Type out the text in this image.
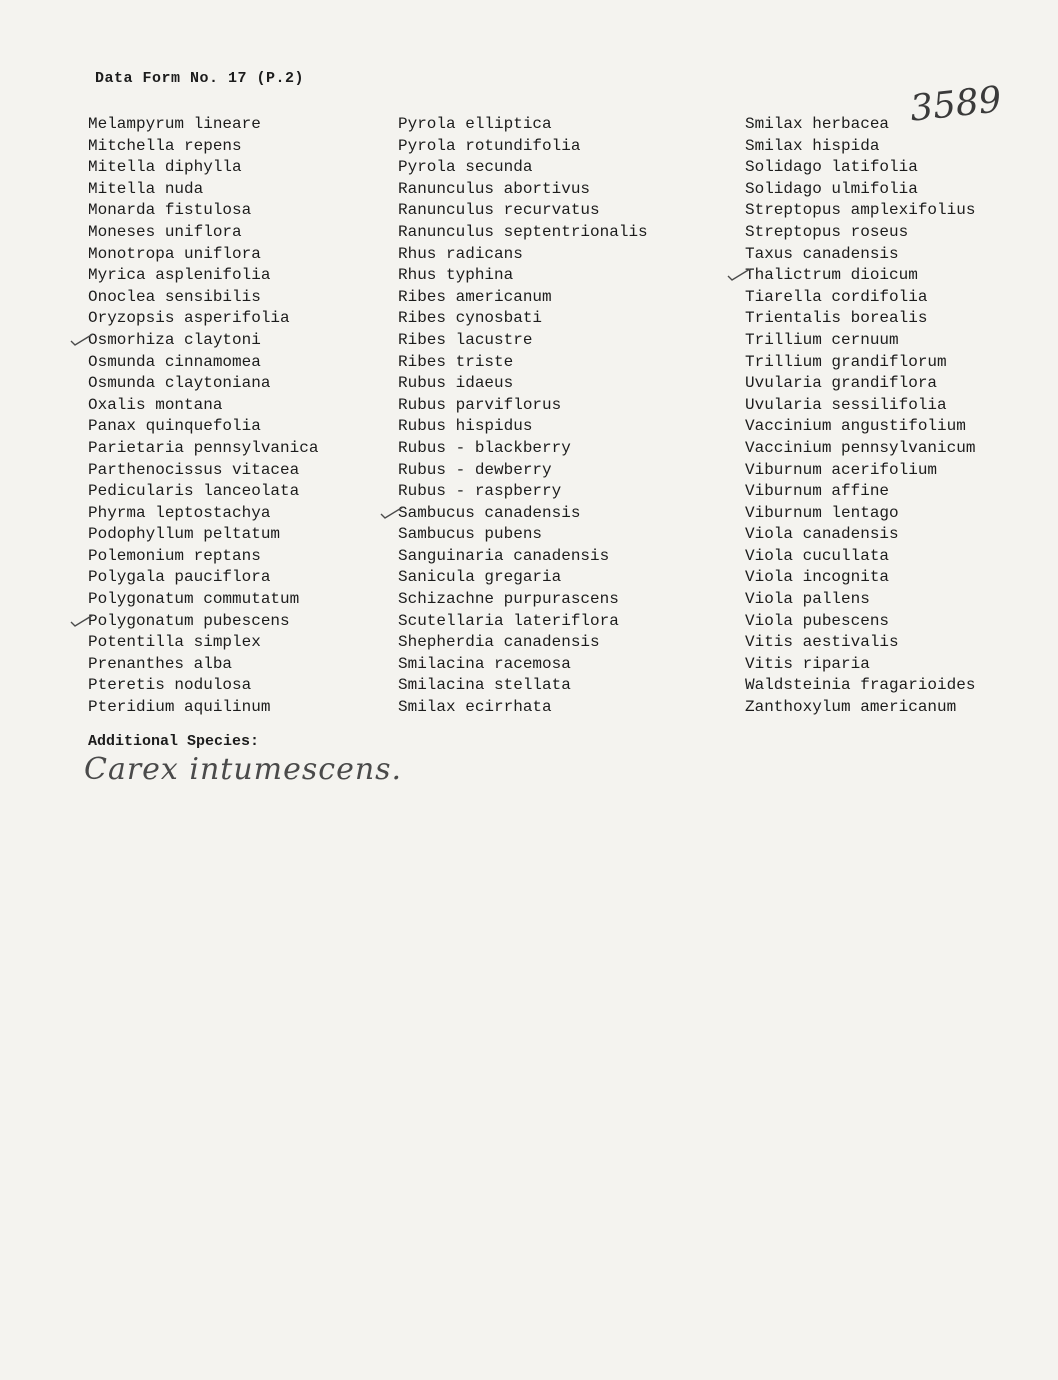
Data Form No. 17 (P.2)
3589
Melampyrum lineare
Mitchella repens
Mitella diphylla
Mitella nuda
Monarda fistulosa
Moneses uniflora
Monotropa uniflora
Myrica asplenifolia
Onoclea sensibilis
Oryzopsis asperifolia
Osmorhiza claytoni
Osmunda cinnamomea
Osmunda claytoniana
Oxalis montana
Panax quinquefolia
Parietaria pennsylvanica
Parthenocissus vitacea
Pedicularis lanceolata
Phyrma leptostachya
Podophyllum peltatum
Polemonium reptans
Polygala pauciflora
Polygonatum commutatum
Polygonatum pubescens
Potentilla simplex
Prenanthes alba
Pteretis nodulosa
Pteridium aquilinum
Pyrola elliptica
Pyrola rotundifolia
Pyrola secunda
Ranunculus abortivus
Ranunculus recurvatus
Ranunculus septentrionalis
Rhus radicans
Rhus typhina
Ribes americanum
Ribes cynosbati
Ribes lacustre
Ribes triste
Rubus idaeus
Rubus parviflorus
Rubus hispidus
Rubus - blackberry
Rubus - dewberry
Rubus - raspberry
Sambucus canadensis
Sambucus pubens
Sanguinaria canadensis
Sanicula gregaria
Schizachne purpurascens
Scutellaria lateriflora
Shepherdia canadensis
Smilacina racemosa
Smilacina stellata
Smilax ecirrhata
Smilax herbacea
Smilax hispida
Solidago latifolia
Solidago ulmifolia
Streptopus amplexifolius
Streptopus roseus
Taxus canadensis
Thalictrum dioicum
Tiarella cordifolia
Trientalis borealis
Trillium cernuum
Trillium grandiflorum
Uvularia grandiflora
Uvularia sessilifolia
Vaccinium angustifolium
Vaccinium pennsylvanicum
Viburnum acerifolium
Viburnum affine
Viburnum lentago
Viola canadensis
Viola cucullata
Viola incognita
Viola pallens
Viola pubescens
Vitis aestivalis
Vitis riparia
Waldsteinia fragarioides
Zanthoxylum americanum
Additional Species:
Carex intumescens.
